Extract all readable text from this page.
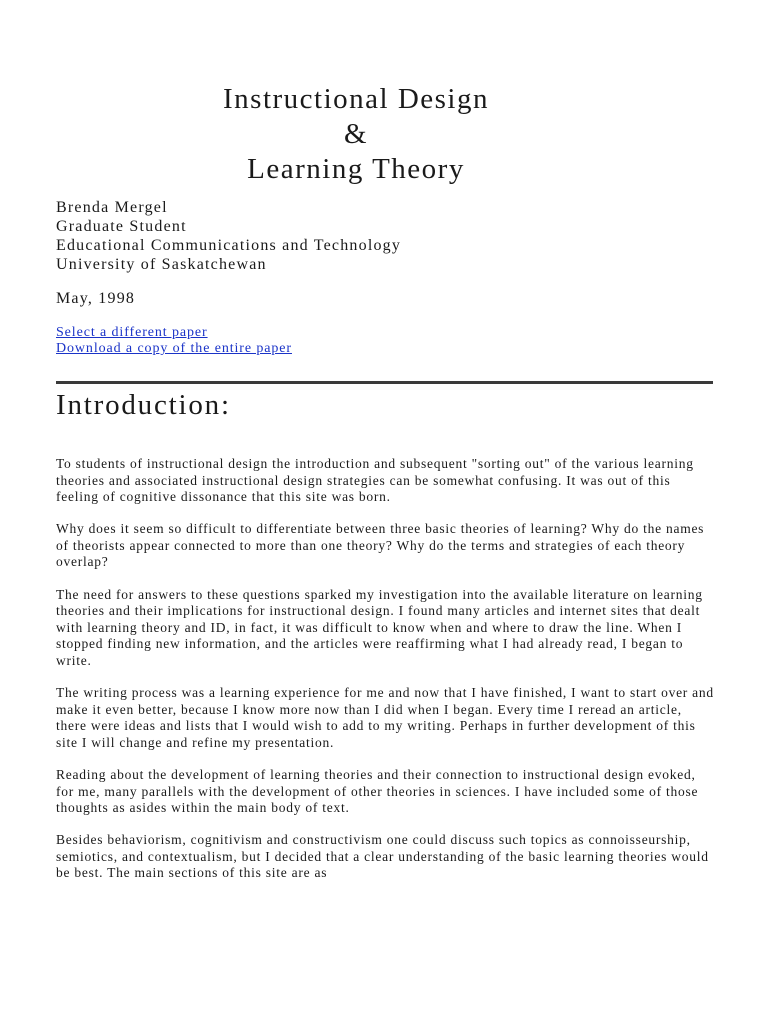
Instructional Design
&
Learning Theory
Brenda Mergel
Graduate Student
Educational Communications and Technology
University of Saskatchewan
May, 1998
Select a different paper
Download a copy of the entire paper
Introduction:

To students of instructional design the introduction and subsequent "sorting out" of the various learning theories and associated instructional design strategies can be somewhat confusing. It was out of this feeling of cognitive dissonance that this site was born.

Why does it seem so difficult to differentiate between three basic theories of learning? Why do the names of theorists appear connected to more than one theory? Why do the terms and strategies of each theory overlap?

The need for answers to these questions sparked my investigation into the available literature on learning theories and their implications for instructional design. I found many articles and internet sites that dealt with learning theory and ID, in fact, it was difficult to know when and where to draw the line. When I stopped finding new information, and the articles were reaffirming what I had already read, I began to write.

The writing process was a learning experience for me and now that I have finished, I want to start over and make it even better, because I know more now than I did when I began. Every time I reread an article, there were ideas and lists that I would wish to add to my writing. Perhaps in further development of this site I will change and refine my presentation.

Reading about the development of learning theories and their connection to instructional design evoked, for me, many parallels with the development of other theories in sciences. I have included some of those thoughts as asides within the main body of text.

Besides behaviorism, cognitivism and constructivism one could discuss such topics as connoisseurship, semiotics, and contextualism, but I decided that a clear understanding of the basic learning theories would be best. The main sections of this site are as
